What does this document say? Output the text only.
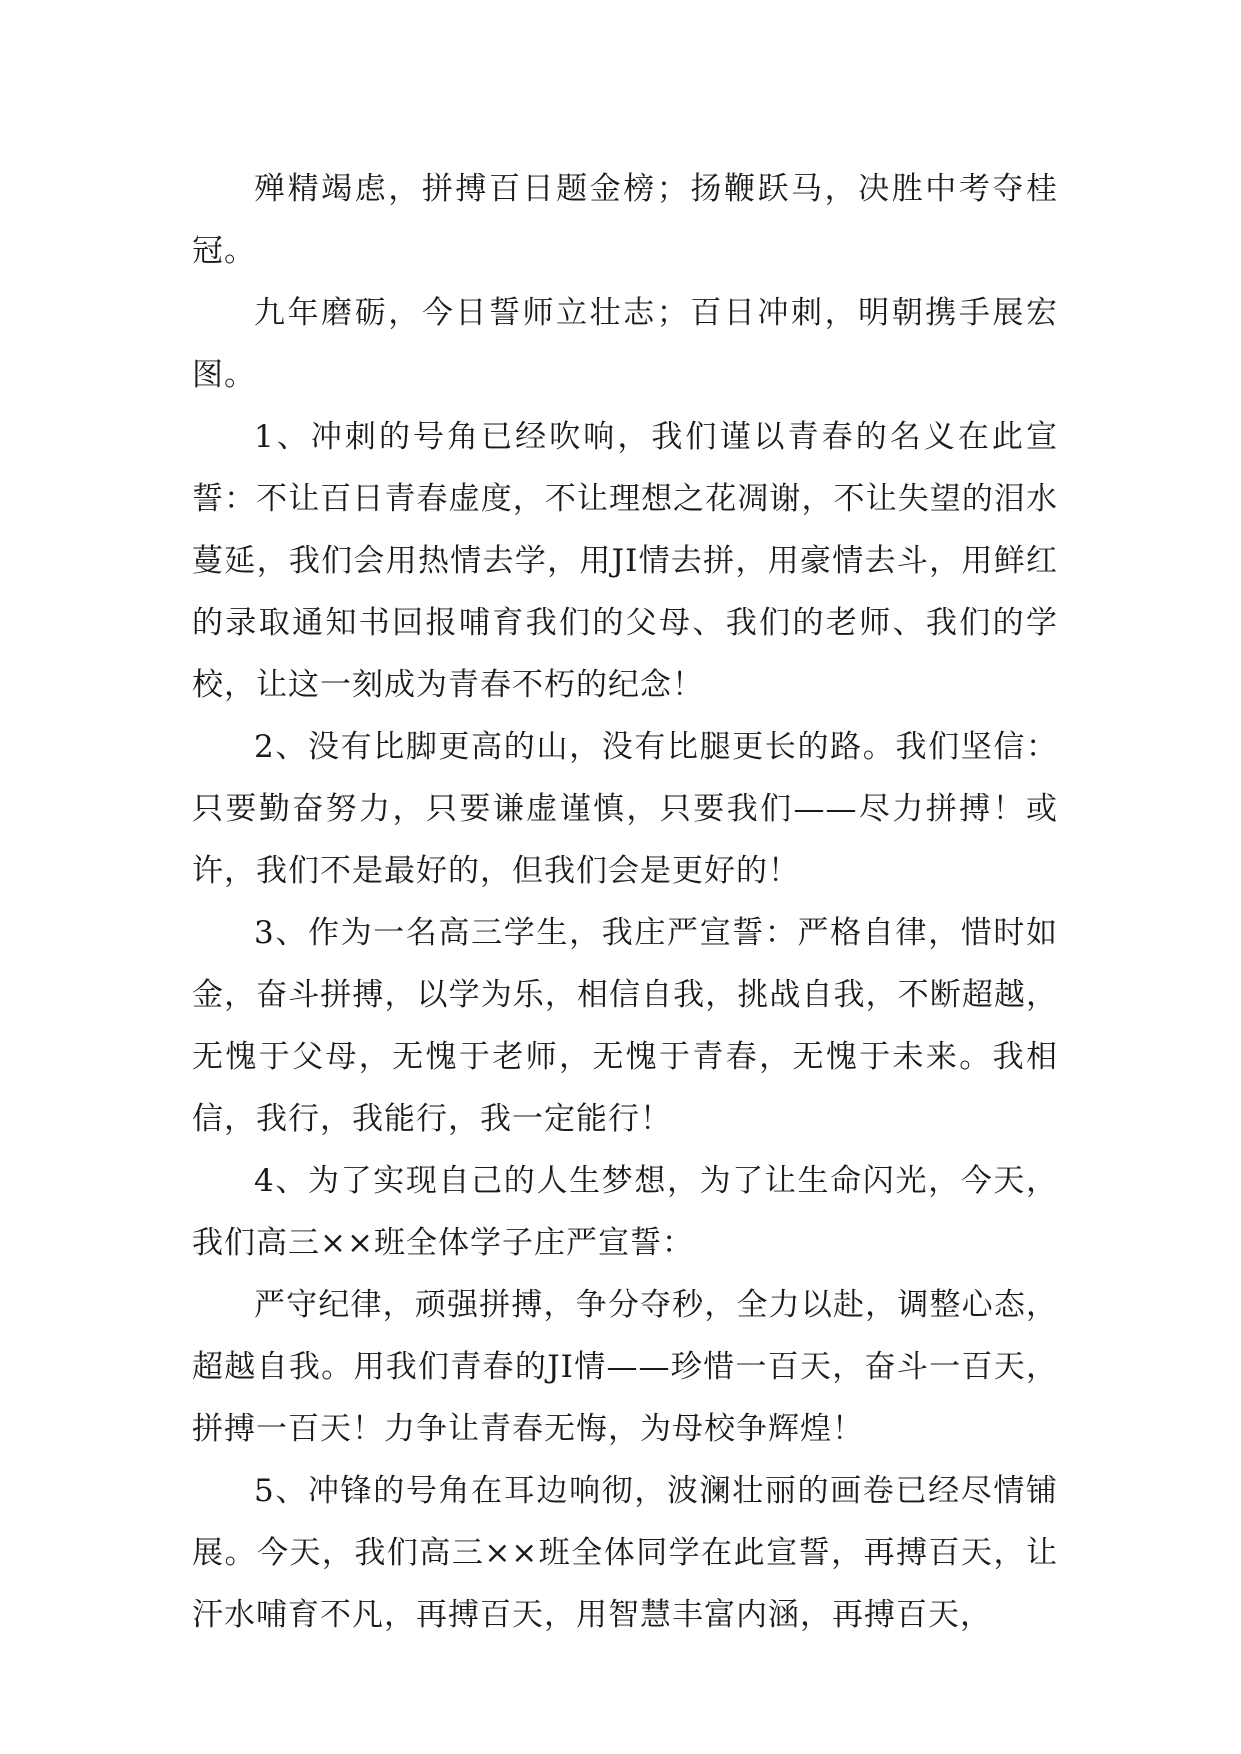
殚精竭虑，拼搏百日题金榜；扬鞭跃马，决胜中考夺桂冠。

九年磨砺，今日誓师立壮志；百日冲刺，明朝携手展宏图。

1、冲刺的号角已经吹响，我们谨以青春的名义在此宣誓：不让百日青春虚度，不让理想之花凋谢，不让失望的泪水蔓延，我们会用热情去学，用JI情去拼，用豪情去斗，用鲜红的录取通知书回报哺育我们的父母、我们的老师、我们的学校，让这一刻成为青春不朽的纪念！

2、没有比脚更高的山，没有比腿更长的路。我们坚信：只要勤奋努力，只要谦虚谨慎，只要我们——尽力拼搏！或许，我们不是最好的，但我们会是更好的！

3、作为一名高三学生，我庄严宣誓：严格自律，惜时如金，奋斗拼搏，以学为乐，相信自我，挑战自我，不断超越，无愧于父母，无愧于老师，无愧于青春，无愧于未来。我相信，我行，我能行，我一定能行！

4、为了实现自己的人生梦想，为了让生命闪光，今天，我们高三××班全体学子庄严宣誓：

严守纪律，顽强拼搏，争分夺秒，全力以赴，调整心态，超越自我。用我们青春的JI情——珍惜一百天，奋斗一百天，拼搏一百天！力争让青春无悔，为母校争辉煌！

5、冲锋的号角在耳边响彻，波澜壮丽的画卷已经尽情铺展。今天，我们高三××班全体同学在此宣誓，再搏百天，让汗水哺育不凡，再搏百天，用智慧丰富内涵，再搏百天，
